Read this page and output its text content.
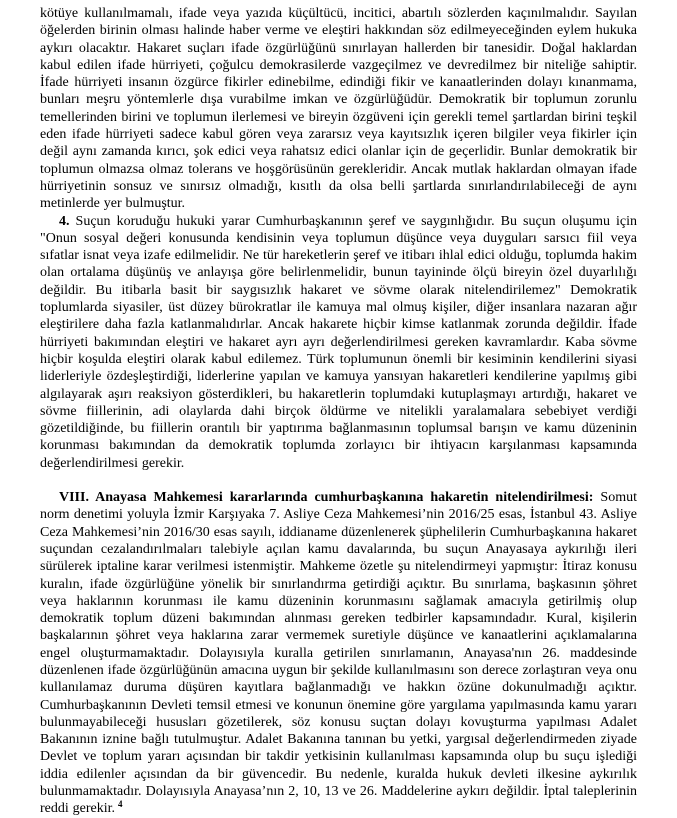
kötüye kullanılmamalı, ifade veya yazıda küçültücü, incitici, abartılı sözlerden kaçınılmalıdır. Sayılan öğelerden birinin olması halinde haber verme ve eleştiri hakkından söz edilmeyeceğinden eylem hukuka aykırı olacaktır. Hakaret suçları ifade özgürlüğünü sınırlayan hallerden bir tanesidir. Doğal haklardan kabul edilen ifade hürriyeti, çoğulcu demokrasilerde vazgeçilmez ve devredilmez bir niteliğe sahiptir. İfade hürriyeti insanın özgürce fikirler edinebilme, edindiği fikir ve kanaatlerinden dolayı kınanmama, bunları meşru yöntemlerle dışa vurabilme imkan ve özgürlüğüdür. Demokratik bir toplumun zorunlu temellerinden birini ve toplumun ilerlemesi ve bireyin özgüveni için gerekli temel şartlardan birini teşkil eden ifade hürriyeti sadece kabul gören veya zararsız veya kayıtsızlık içeren bilgiler veya fikirler için değil aynı zamanda kırıcı, şok edici veya rahatsız edici olanlar için de geçerlidir. Bunlar demokratik bir toplumun olmazsa olmaz tolerans ve hoşgörüsünün gerekleridir. Ancak mutlak haklardan olmayan ifade hürriyetinin sonsuz ve sınırsız olmadığı, kısıtlı da olsa belli şartlarda sınırlandırılabileceği de aynı metinlerde yer bulmuştur.

4. Suçun koruduğu hukuki yarar Cumhurbaşkanının şeref ve saygınlığıdır. Bu suçun oluşumu için "Onun sosyal değeri konusunda kendisinin veya toplumun düşünce veya duyguları sarsıcı fiil veya sıfatlar isnat veya izafe edilmelidir. Ne tür hareketlerin şeref ve itibarı ihlal edici olduğu, toplumda hakim olan ortalama düşünüş ve anlayışa göre belirlenmelidir, bunun tayininde ölçü bireyin özel duyarlılığı değildir. Bu itibarla basit bir saygısızlık hakaret ve sövme olarak nitelendirilemez" Demokratik toplumlarda siyasiler, üst düzey bürokratlar ile kamuya mal olmuş kişiler, diğer insanlara nazaran ağır eleştirilere daha fazla katlanmalıdırlar. Ancak hakarete hiçbir kimse katlanmak zorunda değildir. İfade hürriyeti bakımından eleştiri ve hakaret ayrı ayrı değerlendirilmesi gereken kavramlardır. Kaba sövme hiçbir koşulda eleştiri olarak kabul edilemez. Türk toplumunun önemli bir kesiminin kendilerini siyasi liderleriyle özdeşleştirdiği, liderlerine yapılan ve kamuya yansıyan hakaretleri kendilerine yapılmış gibi algılayarak aşırı reaksiyon gösterdikleri, bu hakaretlerin toplumdaki kutuplaşmayı artırdığı, hakaret ve sövme fiillerinin, adi olaylarda dahi birçok öldürme ve nitelikli yaralamalara sebebiyet verdiği gözetildiğinde, bu fiillerin orantılı bir yaptırıma bağlanmasının toplumsal barışın ve kamu düzeninin korunması bakımından da demokratik toplumda zorlayıcı bir ihtiyacın karşılanması kapsamında değerlendirilmesi gerekir.

VIII. Anayasa Mahkemesi kararlarında cumhurbaşkanına hakaretin nitelendirilmesi: Somut norm denetimi yoluyla İzmir Karşıyaka 7. Asliye Ceza Mahkemesi’nin 2016/25 esas, İstanbul 43. Asliye Ceza Mahkemesi’nin 2016/30 esas sayılı, iddianame düzenlenerek şüphelilerin Cumhurbaşkanına hakaret suçundan cezalandırılmaları talebiyle açılan kamu davalarında, bu suçun Anayasaya aykırılığı ileri sürülerek iptaline karar verilmesi istenmiştir. Mahkeme özetle şu nitelendirmeyi yapmıştır: İtiraz konusu kuralın, ifade özgürlüğüne yönelik bir sınırlandırma getirdiği açıktır. Bu sınırlama, başkasının şöhret veya haklarının korunması ile kamu düzeninin korunmasını sağlamak amacıyla getirilmiş olup demokratik toplum düzeni bakımından alınması gereken tedbirler kapsamındadır. Kural, kişilerin başkalarının şöhret veya haklarına zarar vermemek suretiyle düşünce ve kanaatlerini açıklamalarına engel oluşturmamaktadır. Dolayısıyla kuralla getirilen sınırlamanın, Anayasa'nın 26. maddesinde düzenlenen ifade özgürlüğünün amacına uygun bir şekilde kullanılmasını son derece zorlaştıran veya onu kullanılamaz duruma düşüren kayıtlara bağlanmadığı ve hakkın özüne dokunulmadığı açıktır. Cumhurbaşkanının Devleti temsil etmesi ve konunun önemine göre yargılama yapılmasında kamu yararı bulunmayabileceği hususları gözetilerek, söz konusu suçtan dolayı kovuşturma yapılması Adalet Bakanının iznine bağlı tutulmuştur. Adalet Bakanına tanınan bu yetki, yargısal değerlendirmeden ziyade Devlet ve toplum yararı açısından bir takdir yetkisinin kullanılması kapsamında olup bu suçu işlediği iddia edilenler açısından da bir güvencedir. Bu nedenle, kuralda hukuk devleti ilkesine aykırılık bulunmamaktadır. Dolayısıyla Anayasa’nın 2, 10, 13 ve 26. Maddelerine aykırı değildir. İptal taleplerinin reddi gerekir. $^4$
